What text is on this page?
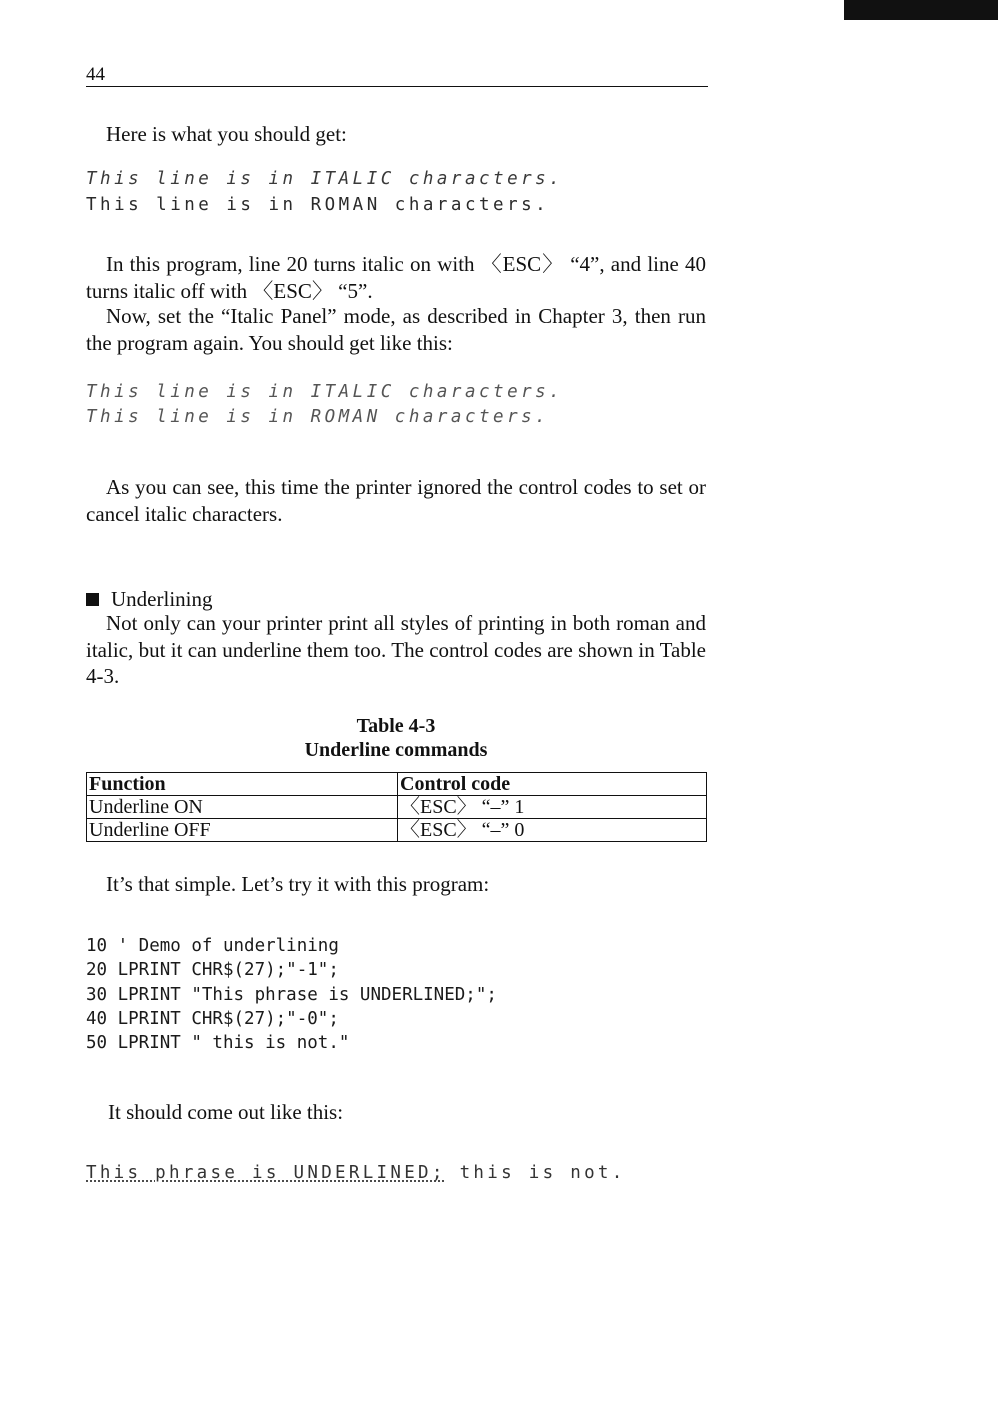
44
Here is what you should get:
This line is in ITALIC characters.
This line is in ROMAN characters.
In this program, line 20 turns italic on with 〈ESC〉 “4”, and line 40 turns italic off with 〈ESC〉 “5”.
Now, set the “Italic Panel” mode, as described in Chapter 3, then run the program again. You should get like this:
This line is in ITALIC characters.
This line is in ROMAN characters.
As you can see, this time the printer ignored the control codes to set or cancel italic characters.
Underlining
Not only can your printer print all styles of printing in both roman and italic, but it can underline them too. The control codes are shown in Table 4-3.
Table 4-3
Underline commands
Function	Control code
Underline ON	〈ESC〉 “–” 1
Underline OFF	〈ESC〉 “–” 0
It’s that simple. Let’s try it with this program:
10 ' Demo of underlining
20 LPRINT CHR$(27);"-1";
30 LPRINT "This phrase is UNDERLINED;";
40 LPRINT CHR$(27);"-0";
50 LPRINT " this is not."
It should come out like this:
This phrase is UNDERLINED; this is not.
